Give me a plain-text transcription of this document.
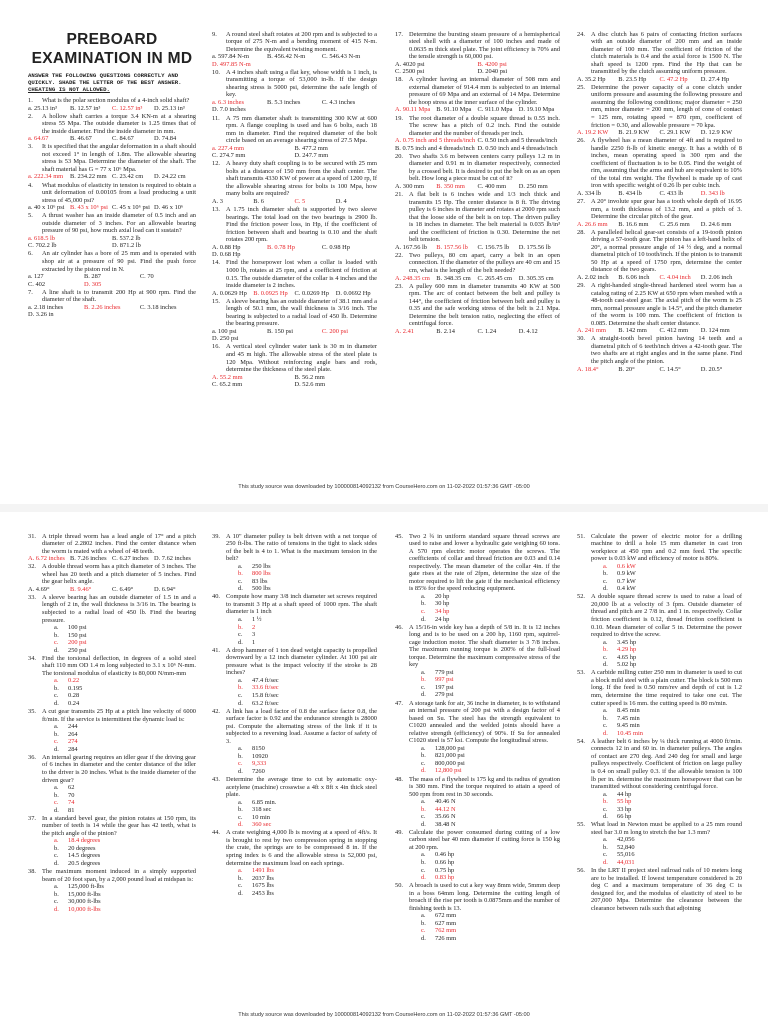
PREBOARD EXAMINATION IN MD
ANSWER THE FOLLOWING QUESTIONS CORRECTLY AND QUICKLY. SHADE THE LETTER OF THE BEST ANSWER. CHEATING IS NOT ALLOWED.
1.	What is the polar section modulus of a 4-inch solid shaft?
a. 25.13 in³	B. 12.57 in³	C. 12.57 in³	D. 25.13 in³
2.	A hollow shaft carries a torque 3.4 KN-m at a shearing stress 55 Mpa. The outside diameter is 1.25 times that of the inside diameter. Find the inside diameter in mm.
a. 64.67	B. 46.67	C. 84.67	D. 74.84
3.	It is specified that the angular deformation in a shaft should not exceed 1° in length of 1.8m. The allowable shearing stress is 53 Mpa. Determine the diameter of the shaft. The shaft material has G = 77 x 10⁶ Mpa.
a. 222.34 mm	B. 234.22 mm C. 23.42 cm	D. 24.22 cm
4.	What modulus of elasticity in tension is required to obtain a unit deformation of 0.00105 from a load producing a unit stress of 45,000 psi?
a. 40 x 10⁶ psi B. 43 x 10⁶ psi C. 45 x 10⁶ psi D. 46 x 10⁶
5.	A thrust washer has an inside diameter of 0.5 inch and an outside diameter of 3 inches. For an allowable bearing pressure of 90 psi, how much axial load can it sustain?
a. 618.5 lb	B. 537.2 lb
C. 702.2 lb	D. 871.2 lb
6.	An air cylinder has a bore of 25 mm and is operated with shop air at a pressure of 90 psi. Find the push force extracted by the piston rod in N.
a. 127	B. 287	C. 70
C. 402	D. 305
7.	A line shaft is to transmit 200 Hp at 900 rpm. Find the diameter of the shaft.
a. 2.18 inches	B. 2.26 inches	C. 3.18 inches
D. 3.26 in
9.	A round steel shaft rotates at 200 rpm and is subjected to a torque of 275 N-m and a bending moment of 415 N-m. Determine the equivalent twisting moment.
a. 597.84 N-m	B. 456.42 N-m	C. 546.43 N-m
D. 497.85 N-m
10. A 4 inches shaft using a flat key, whose width is 1 inch, is transmitting a torque of 53,000 in-lb. If the design shearing stress is 5000 psi, determine the safe length of key.
a. 6.3 inches	B. 5.3 inches	C. 4.3 inches
D. 7.0 inches
11. A 75 mm diameter shaft is transmitting 300 KW at 600 rpm. A flange coupling is used and has 6 bolts, each 18 mm in diameter. Find the required diameter of the bolt circle based on an average shearing stress of 27.5 Mpa.
a. 227.4 mm	B. 477.2 mm
C. 274.7 mm	D. 247.7 mm
12. A heavy duty shaft coupling is to be secured with 25 mm bolts at a distance of 150 mm from the shaft center. The shaft transmits 4330 KW of power at a speed of 1200 rp, If the allowable shearing stress for bolts is 100 Mpa, how many bolts are required?
A. 3	B. 6	C. 5	D. 4
13. A 1.75 inch diameter shaft is supported by two sleeve bearings. The total load on the two bearings is 2900 lb. Find the friction power loss, in Hp, if the coefficient of friction between shaft and bearing is 0.10 and the shaft rotates 200 rpm.
A. 0.88 Hp	B. 0.78 Hp	C. 0.98 Hp
D. 0.68 Hp
14. Find the horsepower lost when a collar is loaded with 1000 lb, rotates at 25 rpm, and a coefficient of friction at 0.15. The outside diameter of the collar is 4 inches and the inside diameter is 2 inches.
A. 0.0629 Hp	B. 0.0925 Hp	C. 0.0269 Hp	D. 0.0692 Hp
15. A sleeve bearing has an outside diameter of 38.1 mm and a length of 50.1 mm, the wall thickness is 3/16 inch. The bearing is subjected to a radial load of 450 lb. Determine the bearing pressure.
a. 100 psi	B. 150 psi	C. 200 psi
D. 250 psi
16. A vertical steel cylinder water tank is 30 m in diameter and 45 m high. The allowable stress of the steel plate is 120 Mpa. Without reinforcing angle bars and rods, determine the thickness of the steel plate.
A. 55.2 mm	B. 56.2 mm
C. 65.2 mm	D. 52.6 mm
17. Determine the bursting steam pressure of a hemispherical steel shell with a diameter of 100 inches and made of 0.0635 m thick steel plate. The joint efficiency is 70% and the tensile strength is 60,000 psi.
A. 4020 psi	B. 4200 psi
C. 2500 psi	D. 2040 psi
18. A cylinder having an internal diameter of 508 mm and external diameter of 914.4 mm is subjected to an internal pressure of 69 Mpa and an external of 14 Mpa. Determine the hoop stress at the inner surface of the cylinder.
A. 90.11 Mpa B. 91.10 Mpa C. 911.0 Mpa D. 19.10 Mpa
19. The root diameter of a double square thread is 0.55 inch. The screw has a pitch of 0.2 inch. Find the outside diameter and the number of threads per inch.
A. 0.75 inch and 5 threads/inch C. 0.50 inch and 5 threads/inch
B. 0.75 inch and 4 threads/inch D. 0.50 inch and 4 threads/inch
20. Two shafts 3.6 m between centers carry pulleys 1.2 m in diameter and 0.91 m in diameter respectively, connected by a crossed belt. It is desired to put the belt on as an open belt. How long a piece must be cut of it?
A. 300 mm	B. 350 mm	C. 400 mm	D. 250 mm
21. A flat belt is 6 inches wide and 1/3 inch thick and transmits 15 Hp. The center distance is 8 ft. The driving pulley is 6 inches in diameter and rotates at 2000 rpm such that the loose side of the belt is on top. The driven pulley is 18 inches in diameter. The belt material is 0.035 lb/in³ and the coefficient of friction is 0.30. Determine the net belt tension.
A. 167.56 lb	B. 157.56 lb	C. 156.75 lb	D. 175.56 lb
22. Two pulleys, 80 cm apart, carry a belt in an open connection. If the diameter of the pulleys are 40 cm and 15 cm, what is the length of the belt needed?
A. 248.35 cm	B. 348.35 cm	C. 265.45 cm	D. 305.35 cm
23. A pulley 600 mm in diameter transmits 40 KW at 500 rpm. The arc of contact between the belt and pulley is 144°, the coefficient of friction between belt and pulley is 0.35 and the safe working stress of the belt is 2.1 Mpa. Determine the belt tension ratio, neglecting the effect of centrifugal force.
A. 2.41	B. 2.14	C. 1.24	D. 4.12
24. A disc clutch has 6 pairs of contacting friction surfaces with an outside diameter of 200 mm and an inside diameter of 100 mm. The coefficient of friction of the clutch materials is 0.4 and the axial force is 1500 N. The shaft speed is 1200 rpm. Find the Hp that can be transmitted by the clutch assuming uniform pressure.
A. 35.2 Hp	B. 23.5 Hp	C. 47.2 Hp	D. 27.4 Hp
25. Determine the power capacity of a cone clutch under uniform pressure and assuming the following pressure and assuming the following conditions; major diameter = 250 mm, minor diameter = 200 mm, length of cone of contact = 125 mm, rotating speed = 870 rpm, coefficient of friction = 0.30, and allowable pressure = 70 kpa.
A. 19.2 KW	B. 21.9 KW	C. 29.1 KW	D. 12.9 KW
26. A flywheel has a mean diameter of 4ft and is required to handle 2250 ft-lb of kinetic energy. It has a width of 8 inches, mean operating speed is 300 rpm and the coefficient of fluctuation is to be 0.05. Find the weight of rim, assuming that the arms and hub are equivalent to 10% of the total rim weight. The flywheel is made up of cast iron with specific weight of 0.26 lb per cubic inch.
A. 334 lb	B. 434 lb	C. 433 lb	D. 343 lb
27. A 20° involute spur gear has a tooth whole depth of 16.95 mm, a tooth thickness of 13.2 mm, and a pitch of 3. Determine the circular pitch of the gear.
A. 26.6 mm	B. 16.6 mm	C. 25.6 mm	D. 24.6 mm
28. A paralleled helical gear-set consists of a 19-tooth pinion driving a 57-tooth gear. The pinion has a left-hand helix of 20°, a normal pressure angle of 14 ½ deg, and a normal diametral pitch of 10 tooth/inch. If the pinion is to transmit 50 Hp at a speed of 1750 rpm, determine the center distance of the two gears.
A. 2.02 inch	B. 6.06 inch	C. 4.04 inch	D. 2.06 inch
29. A right-handed single-thread hardened steel worm has a catalog rating of 2.25 KW at 650 rpm when meshed with a 48-tooth cast-steel gear. The axial pitch of the worm is 25 mm, normal pressure angle is 14.5°, and the pitch diameter of the worm is 100 mm. The coefficient of friction is 0.085. Determine the shaft center distance.
A. 241 mm	B. 142 mm	C. 412 mm	D. 124 mm
30. A straight-tooth bevel pinion having 14 teeth and a diametral pitch of 6 teeth/inch drives a 42-tooth gear. The two shafts are at right angles and in the same plane. Find the pitch angle of the pinion.
A. 18.4°	B. 20°	C. 14.5°	D. 20.5°
This study source was downloaded by 100000814092132 from CourseHero.com on 11-02-2022 01:57:36 GMT -05:00
31. A triple thread worm has a lead angle of 17° and a pitch diameter of 2.2802 inches. Find the center distance when the worm is mated with a wheel of 48 teeth.
A. 6.72 inches B. 7.26 inches C. 6.27 inches D. 7.62 inches
32. A double thread worm has a pitch diameter of 3 inches. The wheel has 20 teeth and a pitch diameter of 5 inches. Find the gear helix angle.
A. 4.69°	B. 9.46°	C. 6.49°	D. 6.94°
33. A sleeve bearing has an outside diameter of 1.5 in and a length of 2 in, the wall thickness is 3/16 in. The bearing is subjected to a radial load of 450 lb. Find the bearing pressure.
a.	100 psi
b.	150 psi
c.	200 psi
d.	250 psi
34. Find the torsional deflection, in degrees of a solid steel shaft 110 mm OD 1.4 m long subjected to 3.1 x 10⁶ N-mm. The torsional modulus of elasticity is 80,000 N/mm-mm
a.	0.22
b.	0.195
c.	0.28
d.	0.24
35. A cut gear transmits 25 Hp at a pitch line velocity of 6000 ft/min. If the service is intermittent the dynamic load is:
a.	244
b.	264
c.	274
d.	284
36. An internal gearing requires an idler gear if the driving gear of 6 inches in diameter and the center distance of the idler to the driver is 20 inches. What is the inside diameter of the driven gear?
a.	62
b.	70
c.	74
d.	81
37. In a standard bevel gear, the pinion rotates at 150 rpm, its number of teeth is 14 while the gear has 42 teeth, what is the pitch angle of the pinion?
a.	18.4 degrees
b.	20 degrees
c.	14.5 degrees
d.	20.5 degrees
38. The maximum moment induced in a simply supported beam of 20 foot span, by a 2,000 pound load at midspan is:
a.	125,000 ft-lbs
b.	15,000 ft-lbs
c.	30,000 ft-lbs
d.	10,000 ft-lbs
39. A 10" diameter pulley is belt driven with a net torque of 250 ft-lbs. The ratio of tensions in the tight to slack sides of the belt is 4 to 1. What is the maximum tension in the belt?
a.	250 lbs
b.	800 lbs
c.	83 lbs
d.	500 lbs
40. Compute how many 3/8 inch diameter set screws required to transmit 3 Hp at a shaft speed of 1000 rpm. The shaft diameter is 1 inch
a.	1 ½
b.	2
c.	3
d.	1
41. A drop hammer of 1 ton dead weight capacity is propelled downward by a 12 inch diameter cylinder. At 100 psi air pressure what is the impact velocity if the stroke is 28 inches?
a.	47.4 ft/sec
b.	33.6 ft/sec
c.	15.8 ft/sec
d.	63.2 ft/sec
42. A link has a load factor of 0.8 the surface factor 0.8, the surface factor is 0.92 and the endurance strength is 28000 psi. Compute the alternating stress of the link if it is subjected to a reversing load. Assume a factor of safety of 3.
a.	8150
b.	10920
c.	9,333
d.	7260
43. Determine the average time to cut by automatic oxy-acetylene (machine) crosswise a 4ft x 8ft x 4in thick steel plate.
a.	6.85 min.
b.	318 sec
c.	10 min
d.	360 sec
44. A crate weighing 4,000 lb is moving at a speed of 4ft/s. It is brought to rest by two compression spring in stopping the crate, the springs are to be compressed 8 in. If the spring index is 6 and the allowable stress is 52,000 psi, determine the maximum load on each springs.
a.	1491 lbs
b.	2037 lbs
c.	1675 lbs
d.	2453 lbs
45. Two 2 ¾ in uniform standard square thread screws are used to raise and lower a hydraulic gate weighing 60 tons. A 570 rpm electric motor operates the screws. The coefficients of collar and thread friction are 0.03 and 0.14 respectively. The mean diameter of the collar 4in. if the gate rises at the rate of 2fpm, determine the size of the motor required to lift the gate if the mechanical efficiency is 85% for the speed reducing equipment.
a.	20 hp
b.	30 hp
c.	34 hp
d.	24 hp
46. A 15/16-in wide key has a depth of 5/8 in. It is 12 inches long and is to be used on a 200 hp, 1160 rpm, squirrel-cage induction motor. The shaft diameter is 3 7/8 inches. The maximum running torque is 200% of the full-load torque. Determine the maximum compressive stress of the key
a.	779 psi
b.	997 psi
c.	197 psi
d.	279 psi
47. A storage tank for air, 36 inche in diameter, is to withstand an internal pressure of 200 psi with a design factor of 4 based on Su. The steel has the strength equivalent to C1020 annealed and the welded joints should have a relative strength (efficiency) of 90%. If Su for annealed C1020 steel is 57 ksi. Compute the longitudinal stress.
a.	128,000 psi
b.	821,000 psi
c.	800,000 psi
d.	12,800 psi
48. The mass of a flywheel is 175 kg and its radius of gyration is 380 mm. Find the torque required to attain a speed of 500 rpm from rest in 30 seconds.
a.	40.46 N
b.	44.12 N
c.	35.66 N
d.	38.48 N
49. Calculate the power consumed during cutting of a low carbon steel bar 40 mm diameter if cutting force is 150 kg at 200 rpm.
a.	0.46 hp
b.	0.66 hp
c.	0.75 hp
d.	0.83 hp
50. A broach is used to cut a key way 8mm wide, 5mmm deep in a boss 64mm long. Determine the cutting length of broach if the rise per tooth is 0.0875mm and the number of finishing teeth is 13.
a.	672 mm
b.	627 mm
c.	762 mm
d.	726 mm
51. Calculate the power of electric motor for a drilling machine to drill a hole 15 mm diameter in cast iron workpiece at 450 rpm and 0.2 mm feed. The specific power is 0.03 kW and efficiency of motor is 80%.
a.	0.6 kW
b.	0.9 kW
c.	0.7 kW
d.	0.4 kW
52. A double square thread screw is used to raise a load of 20,000 lb at a velocity of 3 fpm. Outside diameter of thread and pitch are 2 7/8 in. and 1 in. respectively. Collar friction coefficient is 0.12, thread friction coefficient is 0.10. Mean diameter of collar 5 in. Determine the power required to drive the screw.
a.	3.45 hp
b.	4.29 hp
c.	4.65 hp
d.	5.02 hp
53. A carbide milling cutter 250 mm in diameter is used to cut a block mild steel with a plain cutter. The block is 500 mm long. If the feed is 0.50 mm/rev and depth of cut is 1.2 mm, determine the time required to take one cut. The cutter speed is 16 mm. the cutting speed is 80 m/min.
a.	8.45 min
b.	7.45 min
c.	9.45 min
d.	10.45 min
54. A leather belt 6 inches by ¼ thick running at 4000 ft/min. connects 12 in and 60 in. in diameter pulleys. The angles of contact are 270 deg. And 240 deg for small and large pulleys respectively. Coefficient of friction on large pulley is 0.4 on small pulley 0.3. if the allowable tension is 100 lb per in. determine the maximum horsepower that can be transmitted without considering centrifugal force.
a.	44 hp
b.	55 hp
c.	33 hp
d.	66 hp
55. What load in Newton must be applied to a 25 mm round steel bar 3.0 m long to stretch the bar 1.3 mm?
a.	42,056
b.	52,840
c.	55,016
d.	44,031
56. In the LRT II project steel railroad rails of 10 meters long are to be installed. If lowest temperature considered is 20 deg C and a maximum temperature of 36 deg C is designed for, and the modulus of elasticity of steel to be 207,000 Mpa. Determine the clearance between the clearance between rails such that adjoining
This study source was downloaded by 100000814092132 from CourseHero.com on 11-02-2022 01:57:36 GMT -05:00
